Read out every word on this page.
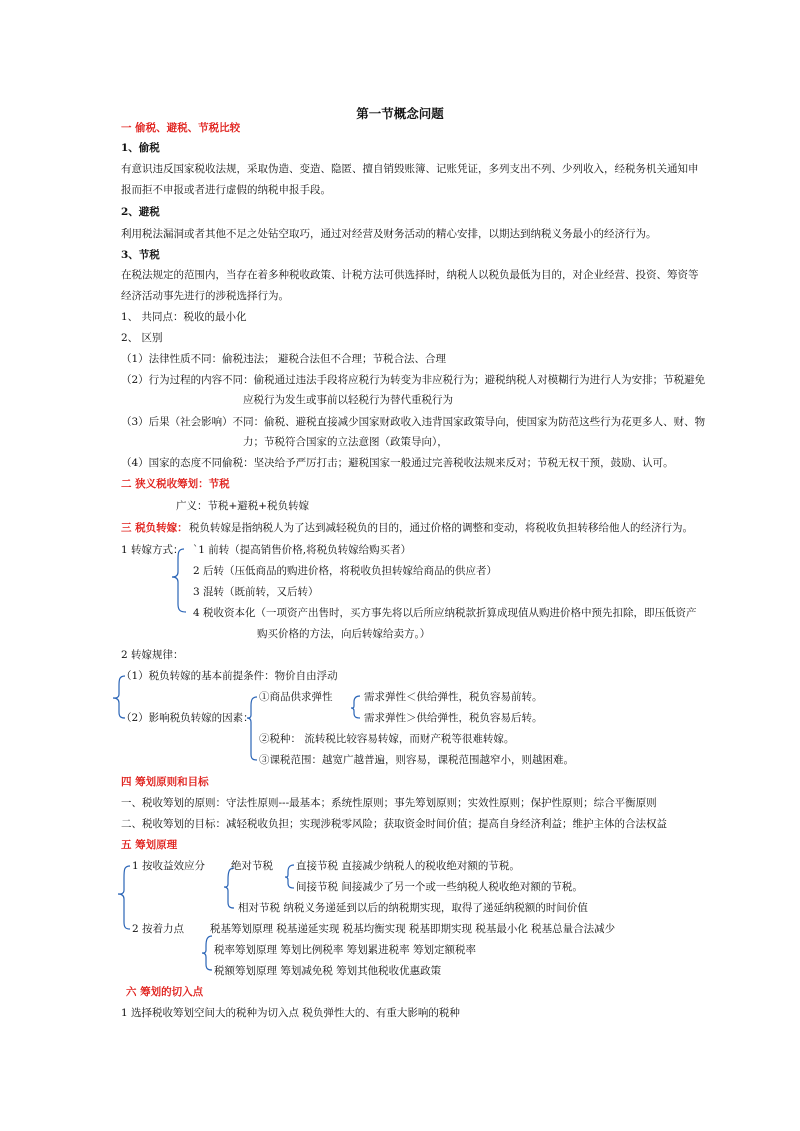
第一节概念问题
一 偷税、避税、节税比较
1、偷税
有意识违反国家税收法规，采取伪造、变造、隐匿、擅自销毁账簿、记账凭证，多列支出不列、少列收入，经税务机关通知申
报而拒不申报或者进行虚假的纳税申报手段。
2、避税
利用税法漏洞或者其他不足之处钻空取巧，通过对经营及财务活动的精心安排，以期达到纳税义务最小的经济行为。
3、节税
在税法规定的范围内，当存在着多种税收政策、计税方法可供选择时，纳税人以税负最低为目的，对企业经营、投资、筹资等
经济活动事先进行的涉税选择行为。
1、 共同点：税收的最小化
2、 区别
（1）法律性质不同：偷税违法； 避税合法但不合理；节税合法、合理
（2）行为过程的内容不同：偷税通过违法手段将应税行为转变为非应税行为；避税纳税人对模糊行为进行人为安排；节税避免
应税行为发生或事前以轻税行为替代重税行为
（3）后果（社会影响）不同：偷税、避税直接减少国家财政收入违背国家政策导向，使国家为防范这些行为花更多人、财、物
力；节税符合国家的立法意图（政策导向），
（4）国家的态度不同偷税：坚决给予严厉打击；避税国家一般通过完善税收法规来反对；节税无权干预，鼓励、认可。
二 狭义税收筹划：节税
广义：节税+避税+税负转嫁
三 税负转嫁： 税负转嫁是指纳税人为了达到减轻税负的目的，通过价格的调整和变动，将税收负担转移给他人的经济行为。
1 转嫁方式： `1 前转（提高销售价格,将税负转嫁给购买者）
2 后转（压低商品的购进价格，将税收负担转嫁给商品的供应者）
3 混转（既前转，又后转）
4 税收资本化（一项资产出售时，买方事先将以后所应纳税款折算成现值从购进价格中预先扣除，即压低资产
购买价格的方法，向后转嫁给卖方。）
2 转嫁规律：
（1）税负转嫁的基本前提条件：物价自由浮动
（2）影响税负转嫁的因素：
①商品供求弹性	需求弹性＜供给弹性，税负容易前转。
需求弹性＞供给弹性，税负容易后转。
②税种： 流转税比较容易转嫁，而财产税等很难转嫁。
③课税范围：越宽广越普遍，则容易，课税范围越窄小，则越困难。
四 筹划原则和目标
一、税收筹划的原则：守法性原则---最基本；系统性原则；事先筹划原则；实效性原则；保护性原则；综合平衡原则
二、税收筹划的目标：减轻税收负担；实现涉税零风险；获取资金时间价值；提高自身经济利益；维护主体的合法权益
五 筹划原理
1 按收益效应分 绝对节税 直接节税 直接减少纳税人的税收绝对额的节税。
间接节税 间接减少了另一个或一些纳税人税收绝对额的节税。
相对节税 纳税义务递延到以后的纳税期实现，取得了递延纳税额的时间价值
2 按着力点 税基筹划原理 税基递延实现 税基均衡实现 税基即期实现 税基最小化 税基总量合法减少
税率筹划原理 筹划比例税率 筹划累进税率 筹划定额税率
税额筹划原理 筹划减免税 筹划其他税收优惠政策
六 筹划的切入点
1 选择税收筹划空间大的税种为切入点 税负弹性大的、有重大影响的税种
